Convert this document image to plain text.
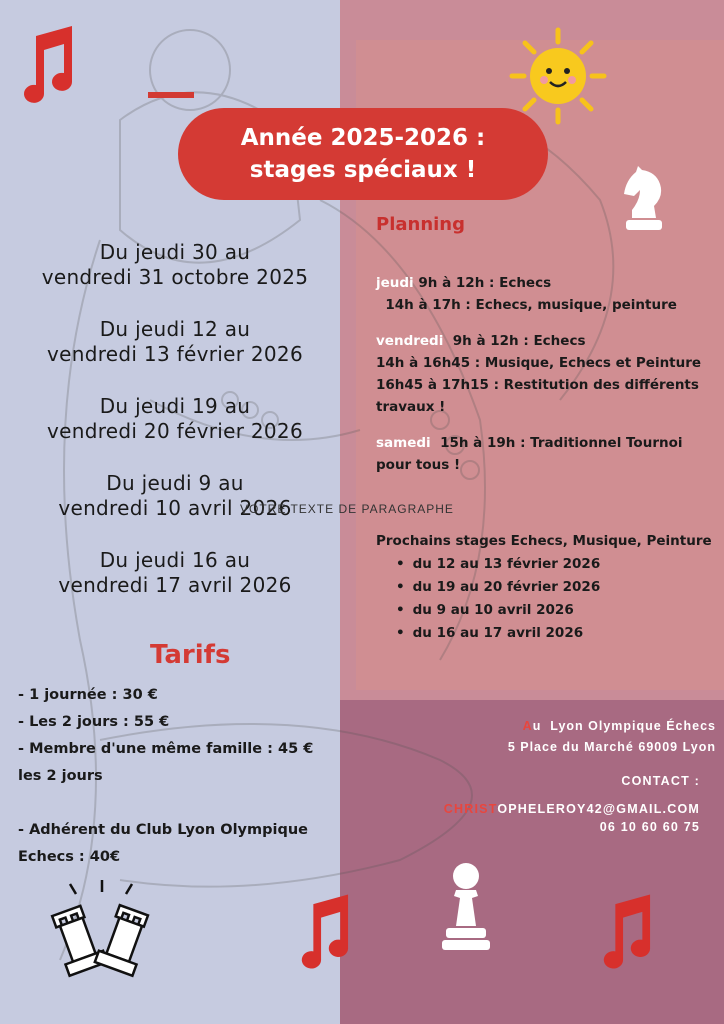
Année 2025-2026 :
stages spéciaux !
Du jeudi 30 au
vendredi 31 octobre 2025
Du jeudi 12 au
vendredi 13 février 2026
Du jeudi 19 au
vendredi 20 février 2026
Du jeudi 9 au
vendredi 10 avril 2026
Du jeudi 16 au
vendredi 17 avril 2026
VOTRE TEXTE DE PARAGRAPHE
Tarifs
- 1 journée : 30 €
- Les 2 jours : 55 €
- Membre d'une même famille : 45 €
les 2 jours
- Adhérent du Club Lyon Olympique
Echecs : 40€
Planning

jeudi 9h à 12h : Echecs

14h à 17h : Echecs, musique, peinture

vendredi  9h à 12h : Echecs

14h à 16h45 : Musique, Echecs et Peinture

16h45 à 17h15 : Restitution des différents

travaux !

samedi  15h à 19h : Traditionnel Tournoi

pour tous !

Prochains stages Echecs, Musique, Peinture
• du 12 au 13 février 2026
• du 19 au 20 février 2026
• du 9 au 10 avril 2026
• du 16 au 17 avril 2026
Au  Lyon Olympique Échecs
5 Place du Marché 69009 Lyon
CONTACT :
CHRISTOPHELEROY42@GMAIL.COM
06 10 60 60 75
